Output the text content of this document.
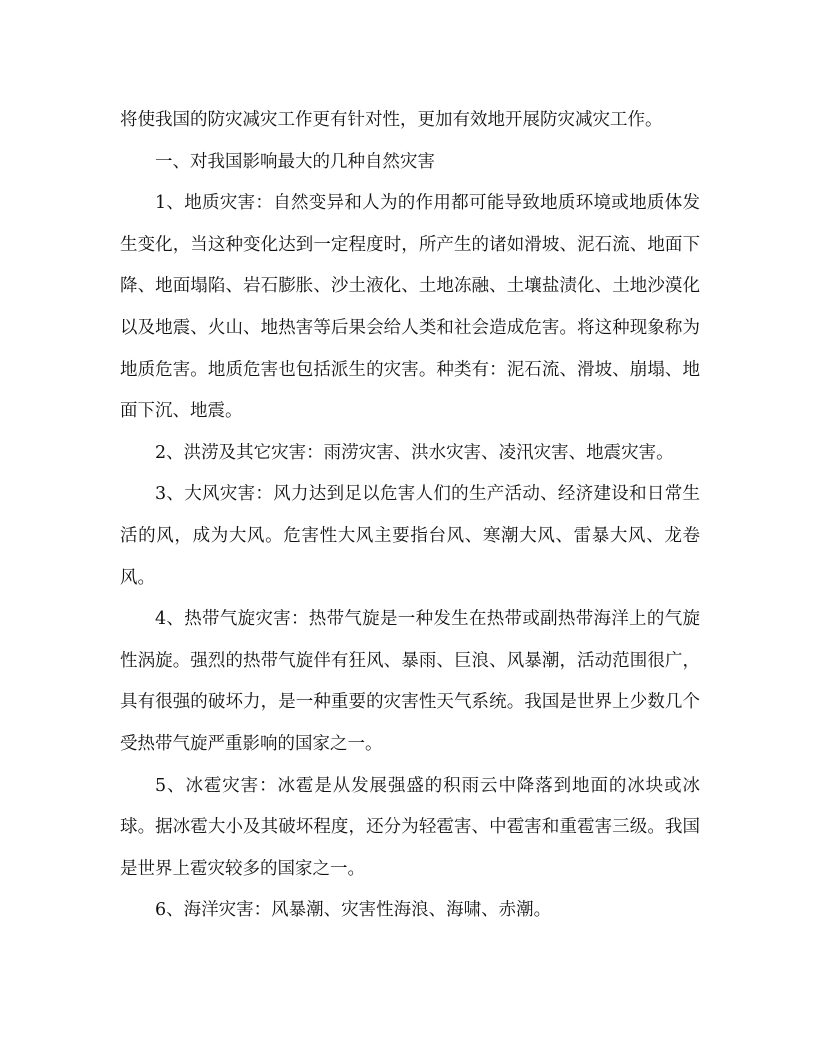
将使我国的防灾减灾工作更有针对性，更加有效地开展防灾减灾工作。

一、对我国影响最大的几种自然灾害

1、地质灾害：自然变异和人为的作用都可能导致地质环境或地质体发生变化，当这种变化达到一定程度时，所产生的诸如滑坡、泥石流、地面下降、地面塌陷、岩石膨胀、沙土液化、土地冻融、土壤盐渍化、土地沙漠化以及地震、火山、地热害等后果会给人类和社会造成危害。将这种现象称为地质危害。地质危害也包括派生的灾害。种类有：泥石流、滑坡、崩塌、地面下沉、地震。

2、洪涝及其它灾害：雨涝灾害、洪水灾害、凌汛灾害、地震灾害。

3、大风灾害：风力达到足以危害人们的生产活动、经济建设和日常生活的风，成为大风。危害性大风主要指台风、寒潮大风、雷暴大风、龙卷风。

4、热带气旋灾害：热带气旋是一种发生在热带或副热带海洋上的气旋性涡旋。强烈的热带气旋伴有狂风、暴雨、巨浪、风暴潮，活动范围很广，具有很强的破坏力，是一种重要的灾害性天气系统。我国是世界上少数几个受热带气旋严重影响的国家之一。

5、冰雹灾害：冰雹是从发展强盛的积雨云中降落到地面的冰块或冰球。据冰雹大小及其破坏程度，还分为轻雹害、中雹害和重雹害三级。我国是世界上雹灾较多的国家之一。

6、海洋灾害：风暴潮、灾害性海浪、海啸、赤潮。
